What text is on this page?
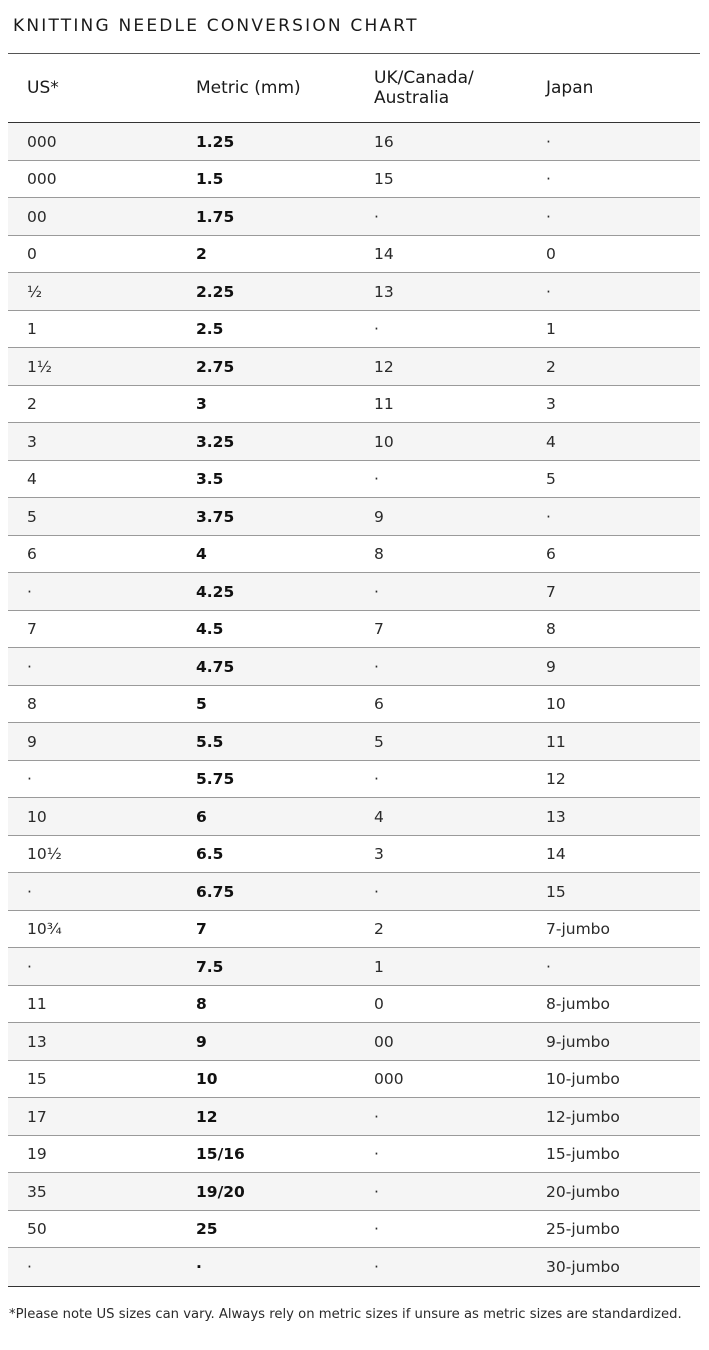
KNITTING NEEDLE CONVERSION CHART
US*	Metric (mm)	UK/Canada/ Australia	Japan
000	1.25	16	·
000	1.5	15	·
00	1.75	·	·
0	2	14	0
½	2.25	13	·
1	2.5	·	1
1½	2.75	12	2
2	3	11	3
3	3.25	10	4
4	3.5	·	5
5	3.75	9	·
6	4	8	6
·	4.25	·	7
7	4.5	7	8
·	4.75	·	9
8	5	6	10
9	5.5	5	11
·	5.75	·	12
10	6	4	13
10½	6.5	3	14
·	6.75	·	15
10¾	7	2	7-jumbo
·	7.5	1	·
11	8	0	8-jumbo
13	9	00	9-jumbo
15	10	000	10-jumbo
17	12	·	12-jumbo
19	15/16	·	15-jumbo
35	19/20	·	20-jumbo
50	25	·	25-jumbo
·	·	·	30-jumbo
*Please note US sizes can vary. Always rely on metric sizes if unsure as metric sizes are standardized.
